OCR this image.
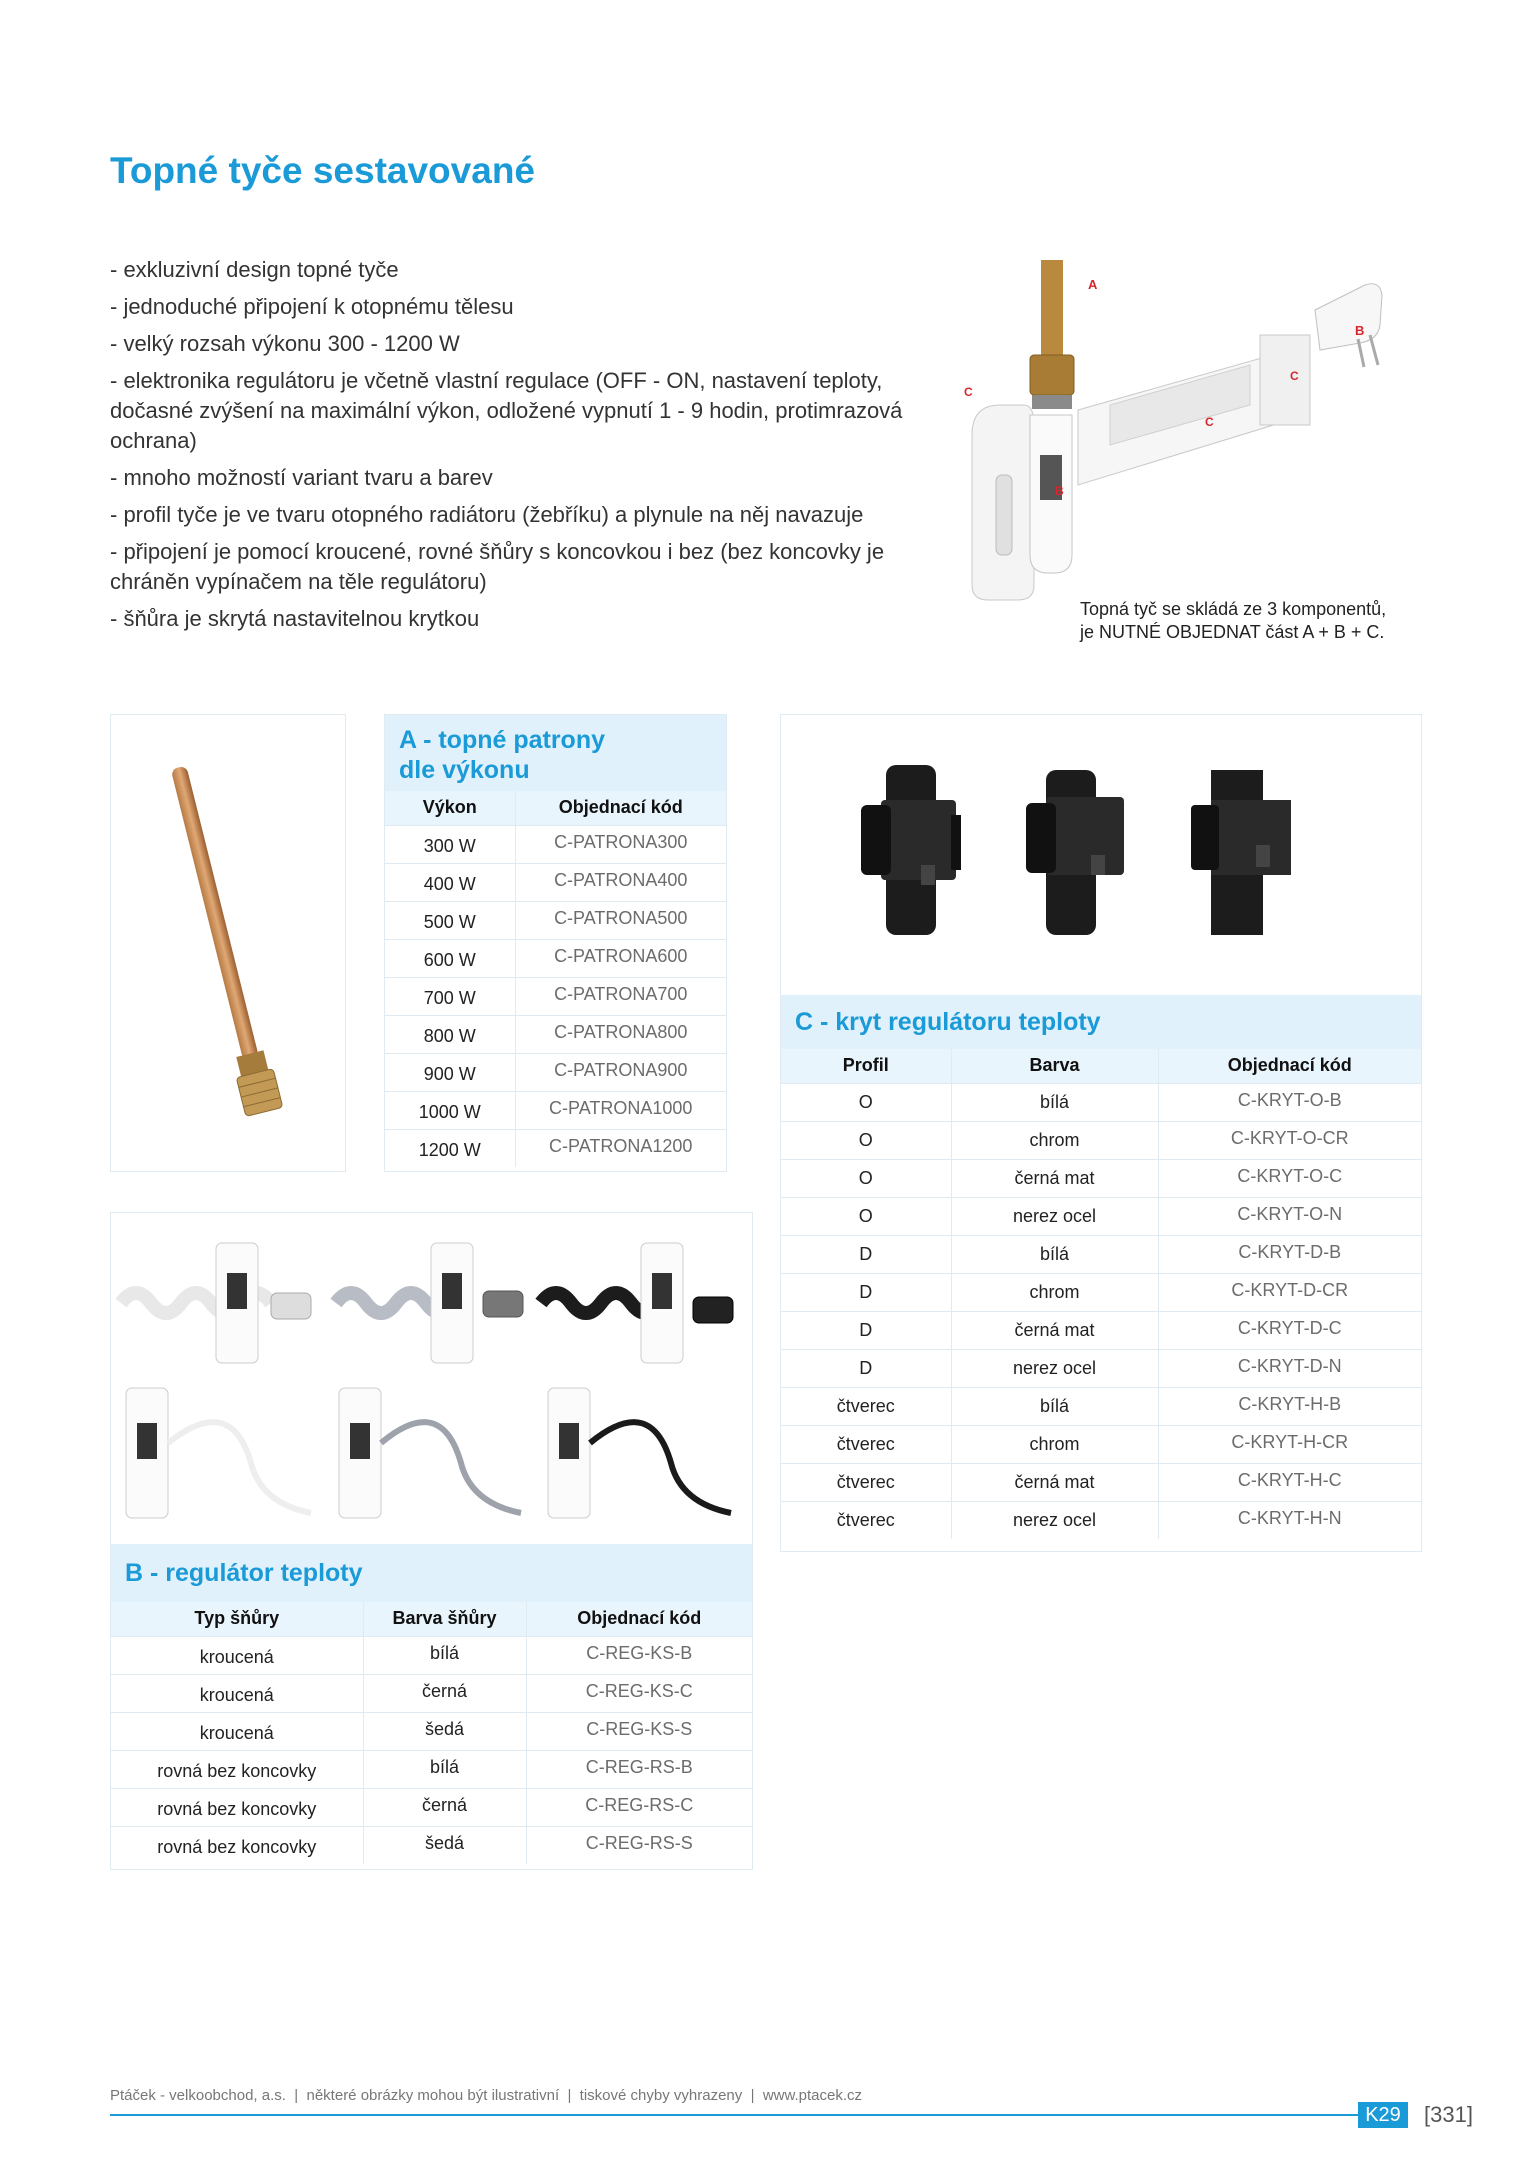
Topné tyče sestavované
- exkluzivní design topné tyče
- jednoduché připojení k otopnému tělesu
- velký rozsah výkonu 300 - 1200 W
- elektronika regulátoru je včetně vlastní regulace (OFF - ON, nastavení teploty, dočasné zvýšení na maximální výkon, odložené vypnutí 1 - 9 hodin, protimrazová ochrana)
- mnoho možností variant tvaru a barev
- profil tyče je ve tvaru otopného radiátoru (žebříku) a plynule na něj navazuje
- připojení je pomocí kroucené, rovné šňůry s koncovkou i bez (bez koncovky je chráněn vypínačem na těle regulátoru)
- šňůra je skrytá nastavitelnou krytkou
A
B
B
C
C
C
Topná tyč se skládá ze 3 komponentů,
je NUTNÉ OBJEDNAT část A + B + C.
A - topné patrony
dle výkonu
Výkon	Objednací kód
300 W	C-PATRONA300
400 W	C-PATRONA400
500 W	C-PATRONA500
600 W	C-PATRONA600
700 W	C-PATRONA700
800 W	C-PATRONA800
900 W	C-PATRONA900
1000 W	C-PATRONA1000
1200 W	C-PATRONA1200
B - regulátor teploty
Typ šňůry	Barva šňůry	Objednací kód
kroucená	bílá	C-REG-KS-B
kroucená	černá	C-REG-KS-C
kroucená	šedá	C-REG-KS-S
rovná bez koncovky	bílá	C-REG-RS-B
rovná bez koncovky	černá	C-REG-RS-C
rovná bez koncovky	šedá	C-REG-RS-S
C - kryt regulátoru teploty
Profil	Barva	Objednací kód
O	bílá	C-KRYT-O-B
O	chrom	C-KRYT-O-CR
O	černá mat	C-KRYT-O-C
O	nerez ocel	C-KRYT-O-N
D	bílá	C-KRYT-D-B
D	chrom	C-KRYT-D-CR
D	černá mat	C-KRYT-D-C
D	nerez ocel	C-KRYT-D-N
čtverec	bílá	C-KRYT-H-B
čtverec	chrom	C-KRYT-H-CR
čtverec	černá mat	C-KRYT-H-C
čtverec	nerez ocel	C-KRYT-H-N
Ptáček - velkoobchod, a.s.  |  některé obrázky mohou být ilustrativní  |  tiskové chyby vyhrazeny  |  www.ptacek.cz
K29	[331]
